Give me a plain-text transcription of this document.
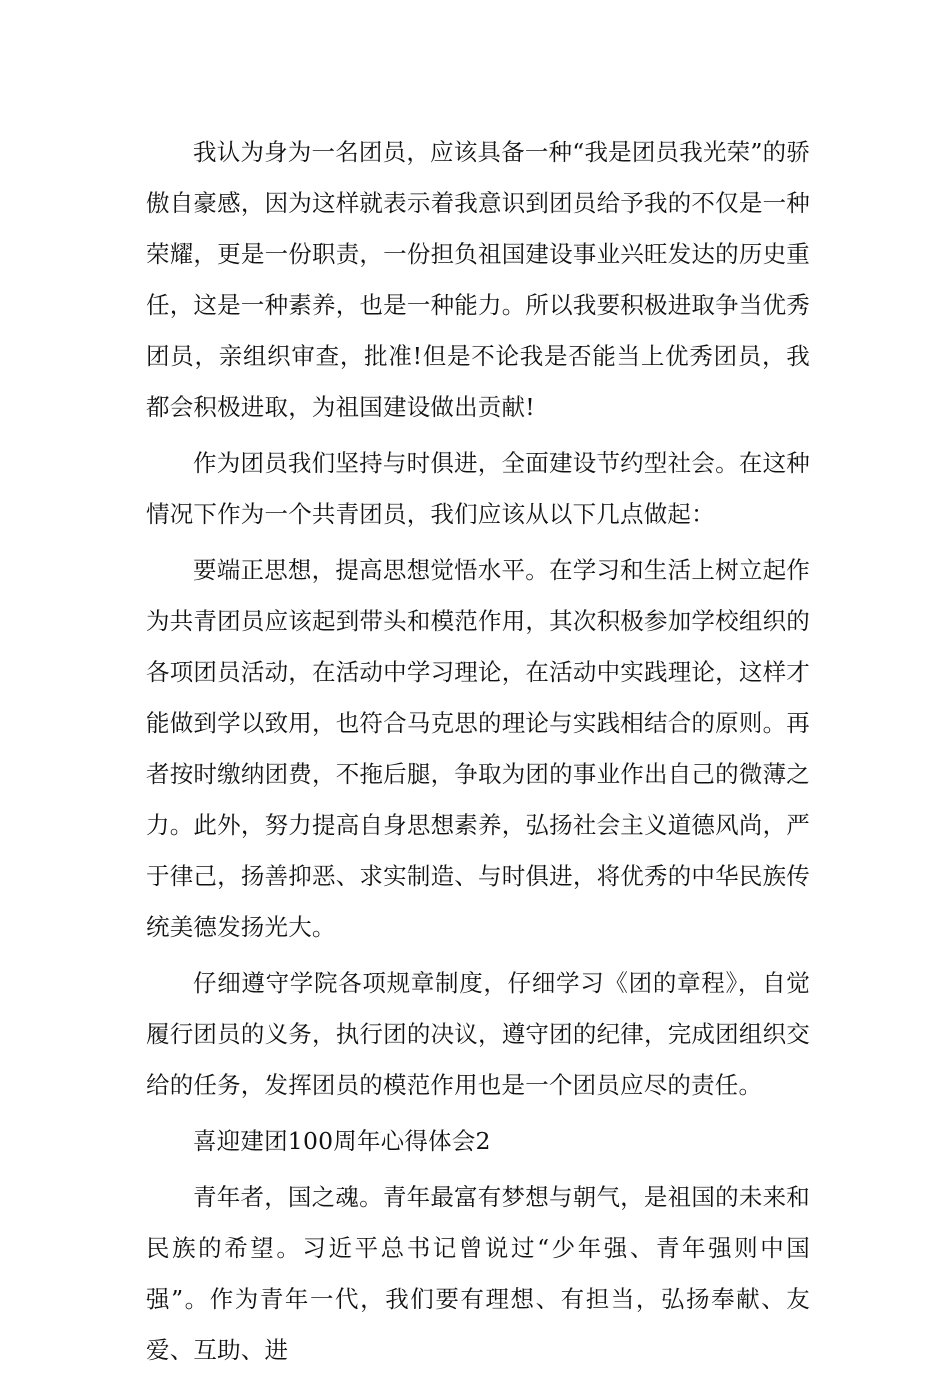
我认为身为一名团员，应该具备一种“我是团员我光荣”的骄傲自豪感，因为这样就表示着我意识到团员给予我的不仅是一种荣耀，更是一份职责，一份担负祖国建设事业兴旺发达的历史重任，这是一种素养，也是一种能力。所以我要积极进取争当优秀团员，亲组织审查，批准!但是不论我是否能当上优秀团员，我都会积极进取，为祖国建设做出贡献!

作为团员我们坚持与时俱进，全面建设节约型社会。在这种情况下作为一个共青团员，我们应该从以下几点做起：

要端正思想，提高思想觉悟水平。在学习和生活上树立起作为共青团员应该起到带头和模范作用，其次积极参加学校组织的各项团员活动，在活动中学习理论，在活动中实践理论，这样才能做到学以致用，也符合马克思的理论与实践相结合的原则。再者按时缴纳团费，不拖后腿，争取为团的事业作出自己的微薄之力。此外，努力提高自身思想素养，弘扬社会主义道德风尚，严于律己，扬善抑恶、求实制造、与时俱进，将优秀的中华民族传统美德发扬光大。

仔细遵守学院各项规章制度，仔细学习《团的章程》，自觉履行团员的义务，执行团的决议，遵守团的纪律，完成团组织交给的任务，发挥团员的模范作用也是一个团员应尽的责任。

喜迎建团100周年心得体会2

青年者，国之魂。青年最富有梦想与朝气，是祖国的未来和民族的希望。习近平总书记曾说过“少年强、青年强则中国强”。作为青年一代，我们要有理想、有担当，弘扬奉献、友爱、互助、进
